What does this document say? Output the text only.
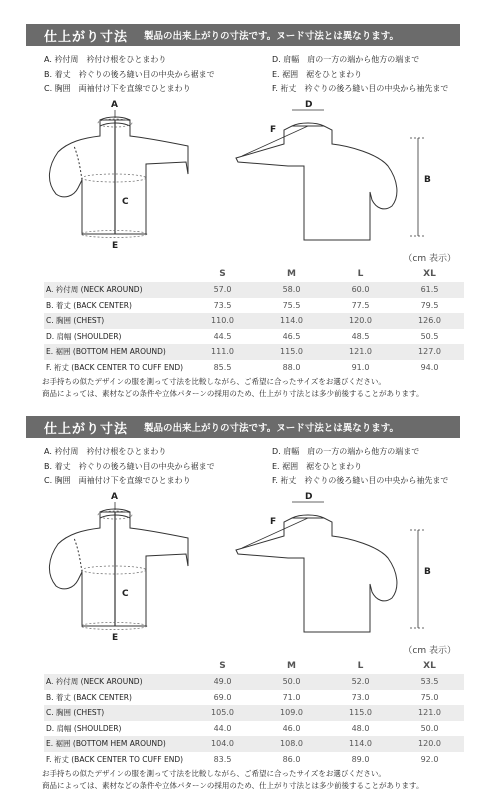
仕上がり寸法 製品の出来上がりの寸法です。ヌード寸法とは異なります。
A. 衿付周　衿付け根をひとまわり
B. 着丈　衿ぐりの後ろ縫い目の中央から裾まで
C. 胸囲　両袖付け下を直線でひとまわり
D. 肩幅　肩の一方の端から他方の端まで
E. 裾囲　裾をひとまわり
F. 裄丈　衿ぐりの後ろ縫い目の中央から袖先まで
A
C
E
D
F
B
（cm 表示）
	S	M	L	XL
A. 衿付周 (NECK AROUND)	57.0	58.0	60.0	61.5
B. 着丈 (BACK CENTER)	73.5	75.5	77.5	79.5
C. 胸囲 (CHEST)	110.0	114.0	120.0	126.0
D. 肩幅 (SHOULDER)	44.5	46.5	48.5	50.5
E. 裾囲 (BOTTOM HEM AROUND)	111.0	115.0	121.0	127.0
F. 裄丈 (BACK CENTER TO CUFF END)	85.5	88.0	91.0	94.0
お手持ちの似たデザインの服を測って寸法を比較しながら、ご希望に合ったサイズをお選びください。
商品によっては、素材などの条件や立体パターンの採用のため、仕上がり寸法とは多少前後することがあります。
仕上がり寸法 製品の出来上がりの寸法です。ヌード寸法とは異なります。
A. 衿付周　衿付け根をひとまわり
B. 着丈　衿ぐりの後ろ縫い目の中央から裾まで
C. 胸囲　両袖付け下を直線でひとまわり
D. 肩幅　肩の一方の端から他方の端まで
E. 裾囲　裾をひとまわり
F. 裄丈　衿ぐりの後ろ縫い目の中央から袖先まで
A
C
E
D
F
B
（cm 表示）
	S	M	L	XL
A. 衿付周 (NECK AROUND)	49.0	50.0	52.0	53.5
B. 着丈 (BACK CENTER)	69.0	71.0	73.0	75.0
C. 胸囲 (CHEST)	105.0	109.0	115.0	121.0
D. 肩幅 (SHOULDER)	44.0	46.0	48.0	50.0
E. 裾囲 (BOTTOM HEM AROUND)	104.0	108.0	114.0	120.0
F. 裄丈 (BACK CENTER TO CUFF END)	83.5	86.0	89.0	92.0
お手持ちの似たデザインの服を測って寸法を比較しながら、ご希望に合ったサイズをお選びください。
商品によっては、素材などの条件や立体パターンの採用のため、仕上がり寸法とは多少前後することがあります。
